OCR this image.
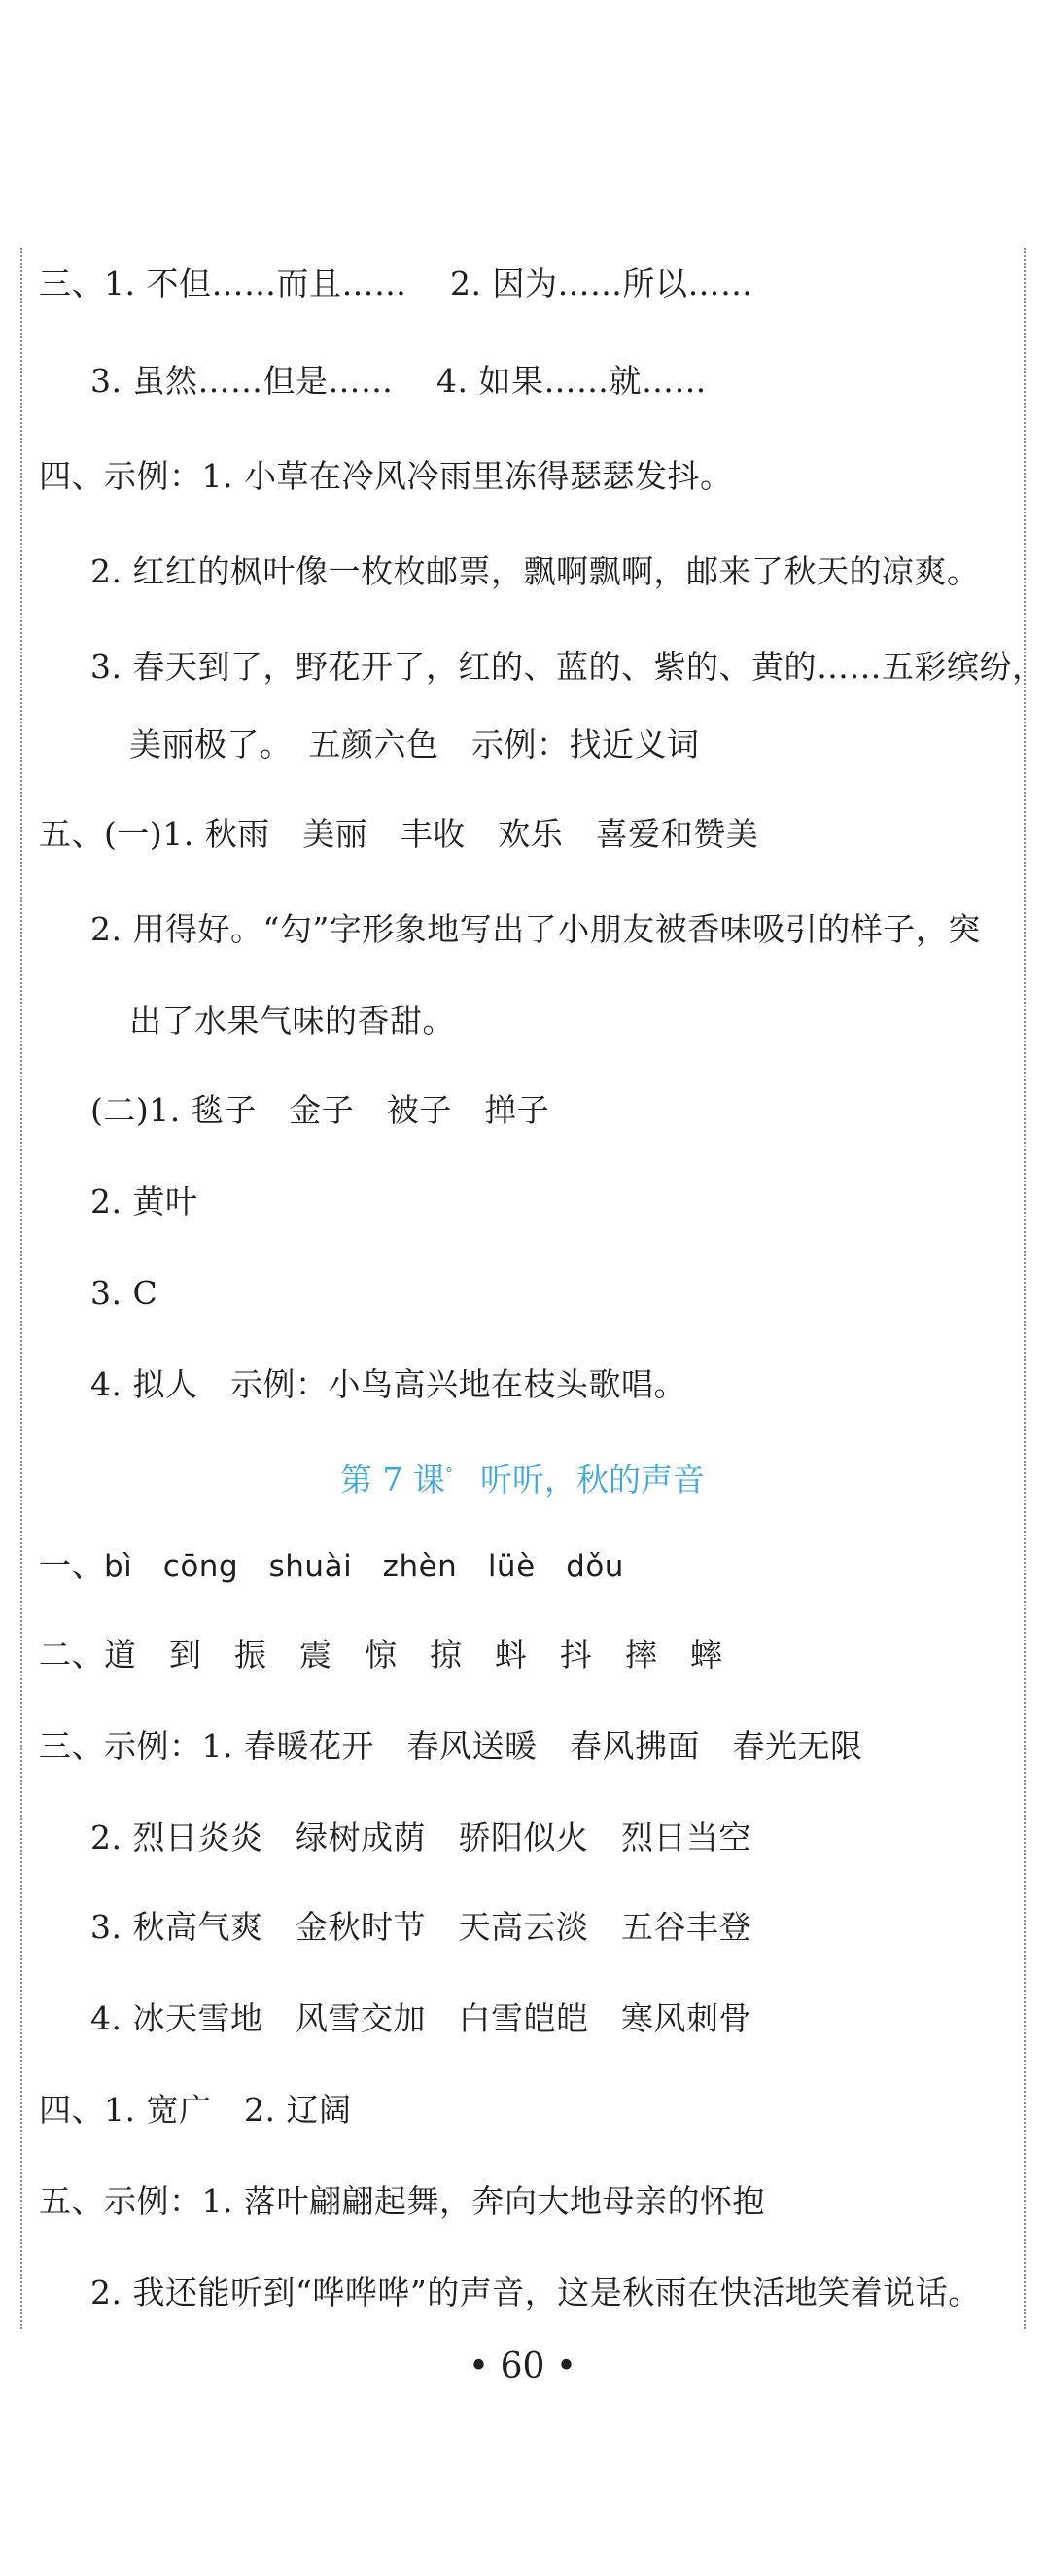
三、1. 不但……而且……　 2. 因为……所以……
3. 虽然……但是……　 4. 如果……就……
四、示例：1. 小草在冷风冷雨里冻得瑟瑟发抖。
2. 红红的枫叶像一枚枚邮票，飘啊飘啊，邮来了秋天的凉爽。
3. 春天到了，野花开了，红的、蓝的、紫的、黄的……五彩缤纷，
美丽极了。　五颜六色　示例：找近义词
五、(一)1. 秋雨　美丽　丰收　欢乐　喜爱和赞美
2. 用得好。“勾”字形象地写出了小朋友被香味吸引的样子，突
出了水果气味的香甜。
(二)1. 毯子　金子　被子　掸子
2. 黄叶
3. C
4. 拟人　示例：小鸟高兴地在枝头歌唱。
第 7 课° 听听，秋的声音
一、bì　cōng　shuài　zhèn　lüè　dǒu
二、道　到　振　震　惊　掠　蚪　抖　摔　蟀
三、示例：1. 春暖花开　春风送暖　春风拂面　春光无限
2. 烈日炎炎　绿树成荫　骄阳似火　烈日当空
3. 秋高气爽　金秋时节　天高云淡　五谷丰登
4. 冰天雪地　风雪交加　白雪皑皑　寒风刺骨
四、1. 宽广　2. 辽阔
五、示例：1. 落叶翩翩起舞，奔向大地母亲的怀抱
2. 我还能听到“哗哗哗”的声音，这是秋雨在快活地笑着说话。
• 60 •
